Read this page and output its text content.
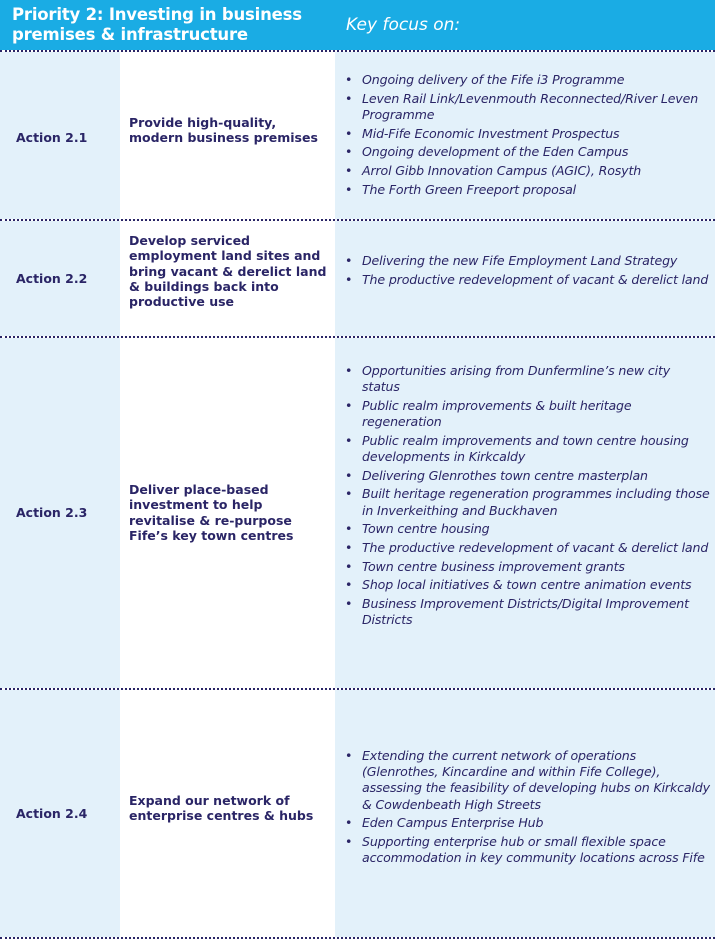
Priority 2: Investing in business premises & infrastructure	Key focus on:
Action 2.1
Provide high-quality, modern business premises
• Ongoing delivery of the Fife i3 Programme
• Leven Rail Link/Levenmouth Reconnected/River Leven Programme
• Mid-Fife Economic Investment Prospectus
• Ongoing development of the Eden Campus
• Arrol Gibb Innovation Campus (AGIC), Rosyth
• The Forth Green Freeport proposal
Action 2.2
Develop serviced employment land sites and bring vacant & derelict land & buildings back into productive use
• Delivering the new Fife Employment Land Strategy
• The productive redevelopment of vacant & derelict land
Action 2.3
Deliver place-based investment to help revitalise & re-purpose Fife’s key town centres
• Opportunities arising from Dunfermline’s new city status
• Public realm improvements & built heritage regeneration
• Public realm improvements and town centre housing developments in Kirkcaldy
• Delivering Glenrothes town centre masterplan
• Built heritage regeneration programmes including those in Inverkeithing and Buckhaven
• Town centre housing
• The productive redevelopment of vacant & derelict land
• Town centre business improvement grants
• Shop local initiatives & town centre animation events
• Business Improvement Districts/Digital Improvement Districts
Action 2.4
Expand our network of enterprise centres & hubs
• Extending the current network of operations (Glenrothes, Kincardine and within Fife College), assessing the feasibility of developing hubs on Kirkcaldy & Cowdenbeath High Streets
• Eden Campus Enterprise Hub
• Supporting enterprise hub or small flexible space accommodation in key community locations across Fife
